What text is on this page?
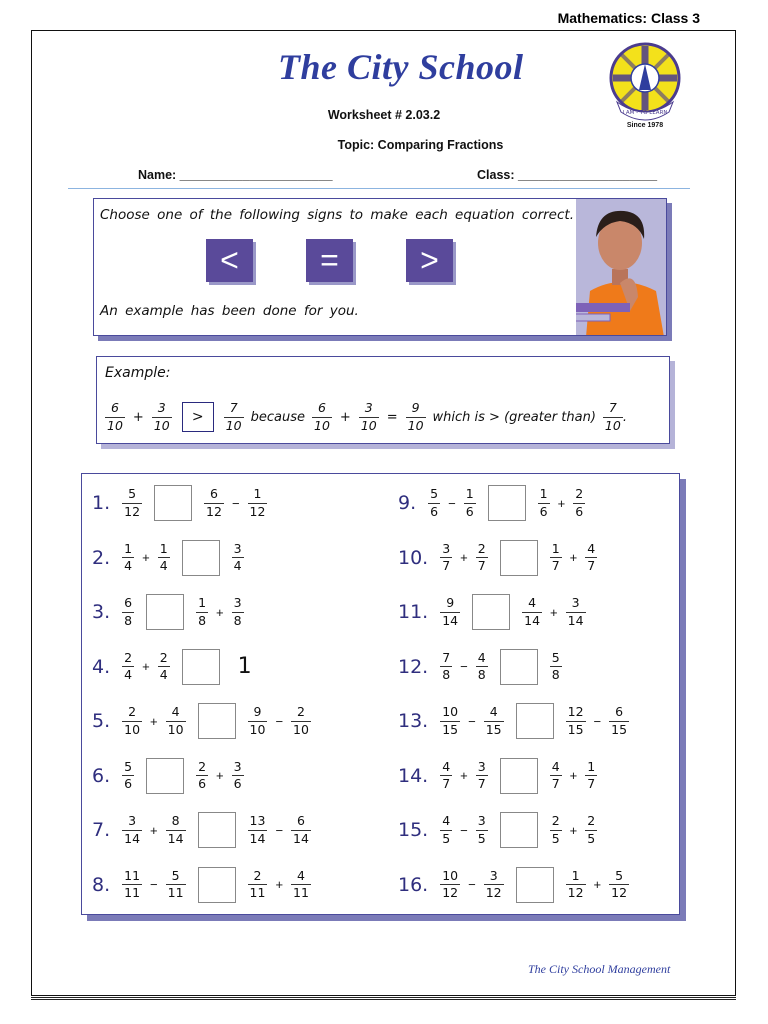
Mathematics: Class 3
The City School
I AM - TO LEARN
Since 1978
Worksheet # 2.03.2
Topic: Comparing Fractions
Name: ______________________	Class: ____________________
Choose one of the following signs to make each equation correct.
<	=	>
An example has been done for you.
Example:
$\frac{6}{10} + \frac{3}{10}$	>	$\frac{7}{10}$ because $\frac{6}{10} + \frac{3}{10} = \frac{9}{10}$ which is > (greater than) $\frac{7}{10}$ .
1. $\frac{5}{12}$	$\frac{6}{12} - \frac{1}{12}$
2. $\frac{1}{4} + \frac{1}{4}$	$\frac{3}{4}$
3. $\frac{6}{8}$	$\frac{1}{8} + \frac{3}{8}$
4. $\frac{2}{4} + \frac{2}{4}$	1
5. $\frac{2}{10} + \frac{4}{10}$	$\frac{9}{10} - \frac{2}{10}$
6. $\frac{5}{6}$	$\frac{2}{6} + \frac{3}{6}$
7. $\frac{3}{14} + \frac{8}{14}$	$\frac{13}{14} - \frac{6}{14}$
8. $\frac{11}{11} - \frac{5}{11}$	$\frac{2}{11} + \frac{4}{11}$
9. $\frac{5}{6} - \frac{1}{6}$	$\frac{1}{6} + \frac{2}{6}$
10. $\frac{3}{7} + \frac{2}{7}$	$\frac{1}{7} + \frac{4}{7}$
11. $\frac{9}{14}$	$\frac{4}{14} + \frac{3}{14}$
12. $\frac{7}{8} - \frac{4}{8}$	$\frac{5}{8}$
13. $\frac{10}{15} - \frac{4}{15}$	$\frac{12}{15} - \frac{6}{15}$
14. $\frac{4}{7} + \frac{3}{7}$	$\frac{4}{7} + \frac{1}{7}$
15. $\frac{4}{5} - \frac{3}{5}$	$\frac{2}{5} + \frac{2}{5}$
16. $\frac{10}{12} - \frac{3}{12}$	$\frac{1}{12} + \frac{5}{12}$
The City School Management
